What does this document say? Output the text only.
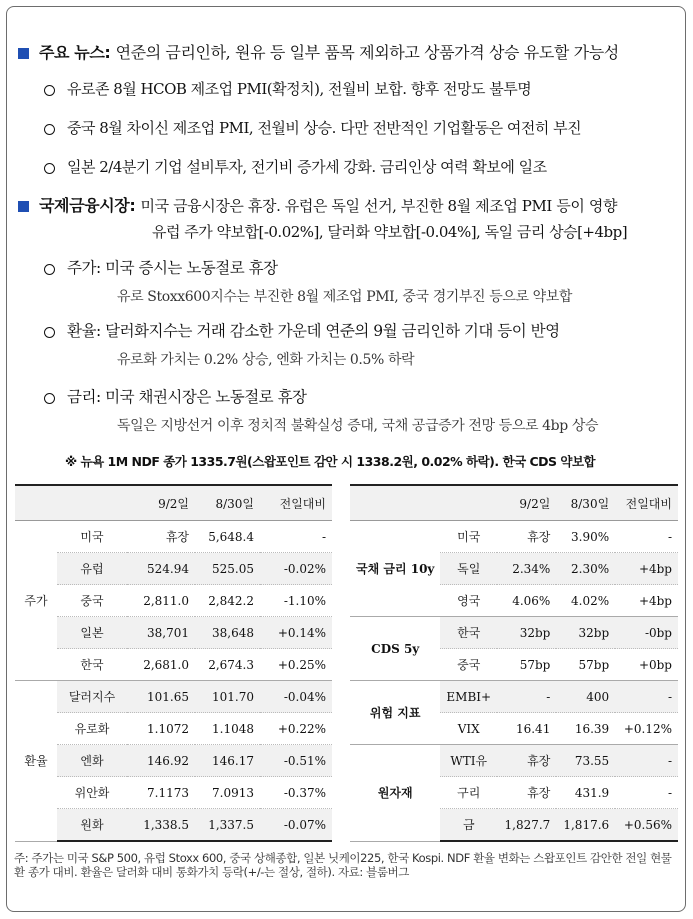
주요 뉴스: 연준의 금리인하, 원유 등 일부 품목 제외하고 상품가격 상승 유도할 가능성
유로존 8월 HCOB 제조업 PMI(확정치), 전월비 보합. 향후 전망도 불투명
중국 8월 차이신 제조업 PMI, 전월비 상승. 다만 전반적인 기업활동은 여전히 부진
일본 2/4분기 기업 설비투자, 전기비 증가세 강화. 금리인상 여력 확보에 일조
국제금융시장: 미국 금융시장은 휴장. 유럽은 독일 선거, 부진한 8월 제조업 PMI 등이 영향
유럽 주가 약보합[-0.02%], 달러화 약보합[-0.04%], 독일 금리 상승[+4bp]
주가: 미국 증시는 노동절로 휴장
유로 Stoxx600지수는 부진한 8월 제조업 PMI, 중국 경기부진 등으로 약보합
환율: 달러화지수는 거래 감소한 가운데 연준의 9월 금리인하 기대 등이 반영
유로화 가치는 0.2% 상승, 엔화 가치는 0.5% 하락
금리: 미국 채권시장은 노동절로 휴장
독일은 지방선거 이후 정치적 불확실성 증대, 국채 공급증가 전망 등으로 4bp 상승
※ 뉴욕 1M NDF 종가 1335.7원(스왑포인트 감안 시 1338.2원, 0.02% 하락). 한국 CDS 약보합
		9/2일	8/30일	전일대비
주가	미국	휴장	5,648.4	-
	유럽	524.94	525.05	-0.02%
	중국	2,811.0	2,842.2	-1.10%
	일본	38,701	38,648	+0.14%
	한국	2,681.0	2,674.3	+0.25%
환율	달러지수	101.65	101.70	-0.04%
	유로화	1.1072	1.1048	+0.22%
	엔화	146.92	146.17	-0.51%
	위안화	7.1173	7.0913	-0.37%
	원화	1,338.5	1,337.5	-0.07%
		9/2일	8/30일	전일대비
국채 금리 10y	미국	휴장	3.90%	-
	독일	2.34%	2.30%	+4bp
	영국	4.06%	4.02%	+4bp
CDS 5y	한국	32bp	32bp	-0bp
	중국	57bp	57bp	+0bp
위험 지표	EMBI+	-	400	-
	VIX	16.41	16.39	+0.12%
원자재	WTI유	휴장	73.55	-
	구리	휴장	431.9	-
	금	1,827.7	1,817.6	+0.56%
주: 주가는 미국 S&P 500, 유럽 Stoxx 600, 중국 상해종합, 일본 닛케이225, 한국 Kospi. NDF 환율 변화는 스왑포인트 감안한 전일 현물환 종가 대비. 환율은 달러화 대비 통화가치 등락(+/-는 절상, 절하). 자료: 블룸버그
